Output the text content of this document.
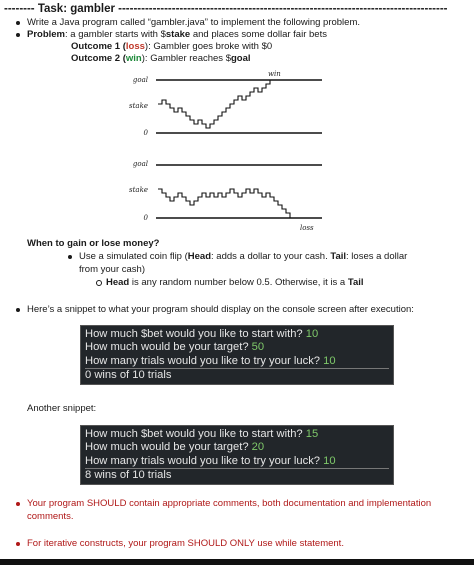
-------- Task: gambler --------------------------------------------------------------------------------------
Write a Java program called “gambler.java” to implement the following problem.
Problem: a gambler starts with $stake and places some dollar fair bets
Outcome 1 (loss): Gambler goes broke with $0
Outcome 2 (win): Gambler reaches $goal
goal
stake
0
win
goal
stake
0
loss
When to gain or lose money?
Use a simulated coin flip (Head: adds a dollar to your cash. Tail: loses a dollar
from your cash)
Head is any random number below 0.5. Otherwise, it is a Tail
Here’s a snippet to what your program should display on the console screen after execution:
How much $bet would you like to start with? 10
How much would be your target? 50
How many trials would you like to try your luck? 10
0 wins of 10 trials
Another snippet:
How much $bet would you like to start with? 15
How much would be your target? 20
How many trials would you like to try your luck? 10
8 wins of 10 trials
Your program SHOULD contain appropriate comments, both documentation and implementation
comments.
For iterative constructs, your program SHOULD ONLY use while statement.
